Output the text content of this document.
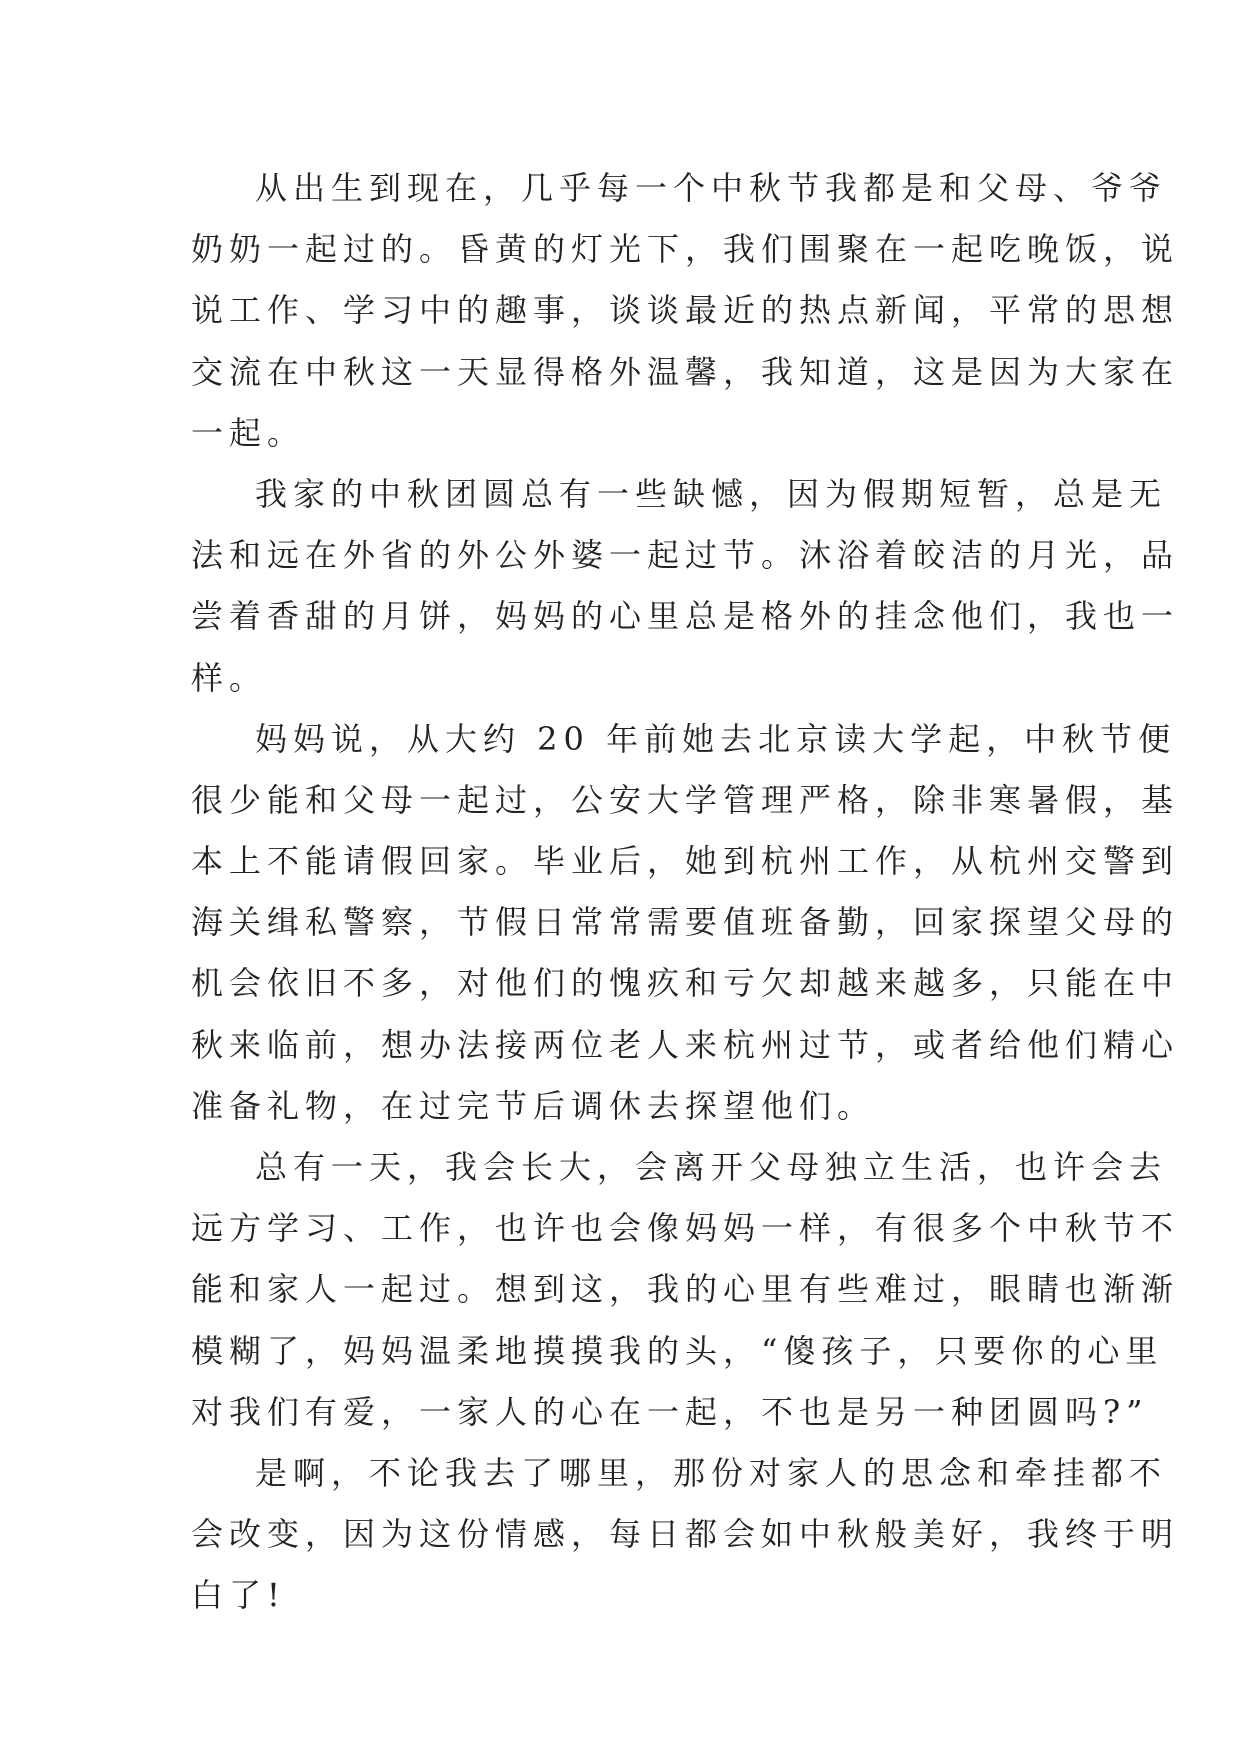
从出生到现在，几乎每一个中秋节我都是和父母、爷爷
奶奶一起过的。昏黄的灯光下，我们围聚在一起吃晚饭，说
说工作、学习中的趣事，谈谈最近的热点新闻，平常的思想
交流在中秋这一天显得格外温馨，我知道，这是因为大家在
一起。
我家的中秋团圆总有一些缺憾，因为假期短暂，总是无
法和远在外省的外公外婆一起过节。沐浴着皎洁的月光，品
尝着香甜的月饼，妈妈的心里总是格外的挂念他们，我也一
样。
妈妈说，从大约 20 年前她去北京读大学起，中秋节便
很少能和父母一起过，公安大学管理严格，除非寒暑假，基
本上不能请假回家。毕业后，她到杭州工作，从杭州交警到
海关缉私警察，节假日常常需要值班备勤，回家探望父母的
机会依旧不多，对他们的愧疚和亏欠却越来越多，只能在中
秋来临前，想办法接两位老人来杭州过节，或者给他们精心
准备礼物，在过完节后调休去探望他们。
总有一天，我会长大，会离开父母独立生活，也许会去
远方学习、工作，也许也会像妈妈一样，有很多个中秋节不
能和家人一起过。想到这，我的心里有些难过，眼睛也渐渐
模糊了，妈妈温柔地摸摸我的头，“傻孩子，只要你的心里
对我们有爱，一家人的心在一起，不也是另一种团圆吗?”
是啊，不论我去了哪里，那份对家人的思念和牵挂都不
会改变，因为这份情感，每日都会如中秋般美好，我终于明
白了!
